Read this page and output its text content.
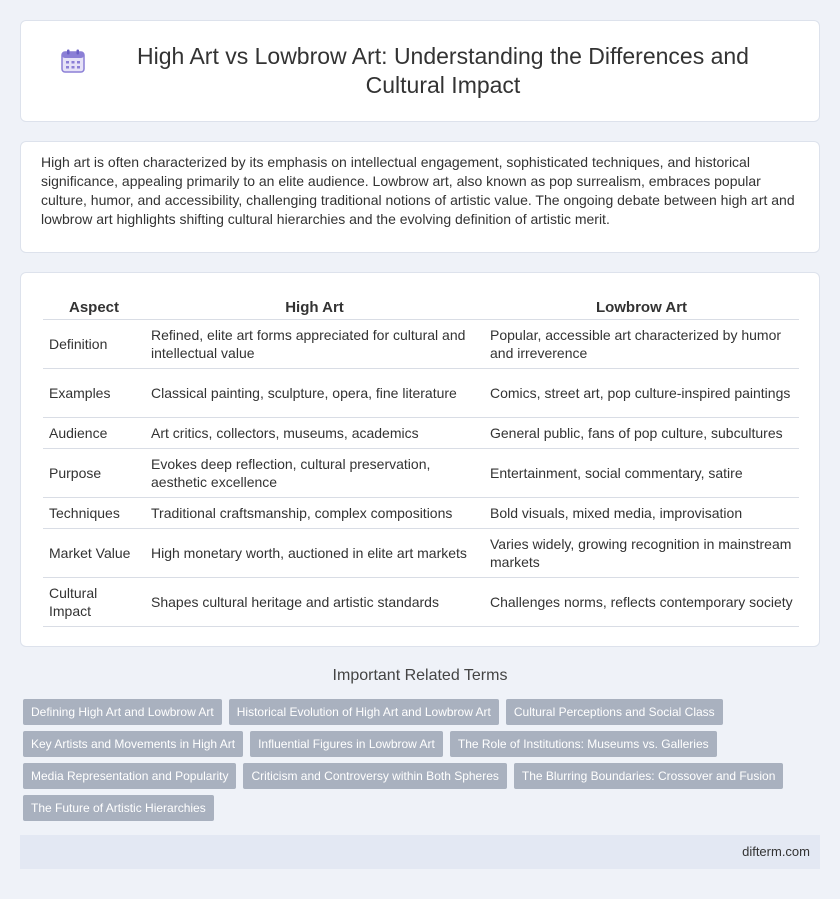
High Art vs Lowbrow Art: Understanding the Differences and Cultural Impact

High art is often characterized by its emphasis on intellectual engagement, sophisticated techniques, and historical significance, appealing primarily to an elite audience. Lowbrow art, also known as pop surrealism, embraces popular culture, humor, and accessibility, challenging traditional notions of artistic value. The ongoing debate between high art and lowbrow art highlights shifting cultural hierarchies and the evolving definition of artistic merit.

Aspect	High Art	Lowbrow Art
Definition	Refined, elite art forms appreciated for cultural and intellectual value	Popular, accessible art characterized by humor and irreverence
Examples	Classical painting, sculpture, opera, fine literature	Comics, street art, pop culture-inspired paintings
Audience	Art critics, collectors, museums, academics	General public, fans of pop culture, subcultures
Purpose	Evokes deep reflection, cultural preservation, aesthetic excellence	Entertainment, social commentary, satire
Techniques	Traditional craftsmanship, complex compositions	Bold visuals, mixed media, improvisation
Market Value	High monetary worth, auctioned in elite art markets	Varies widely, growing recognition in mainstream markets
Cultural Impact	Shapes cultural heritage and artistic standards	Challenges norms, reflects contemporary society
Important Related Terms
Defining High Art and Lowbrow Art	Historical Evolution of High Art and Lowbrow Art	Cultural Perceptions and Social Class
Key Artists and Movements in High Art	Influential Figures in Lowbrow Art	The Role of Institutions: Museums vs. Galleries
Media Representation and Popularity	Criticism and Controversy within Both Spheres	The Blurring Boundaries: Crossover and Fusion
The Future of Artistic Hierarchies
difterm.com
